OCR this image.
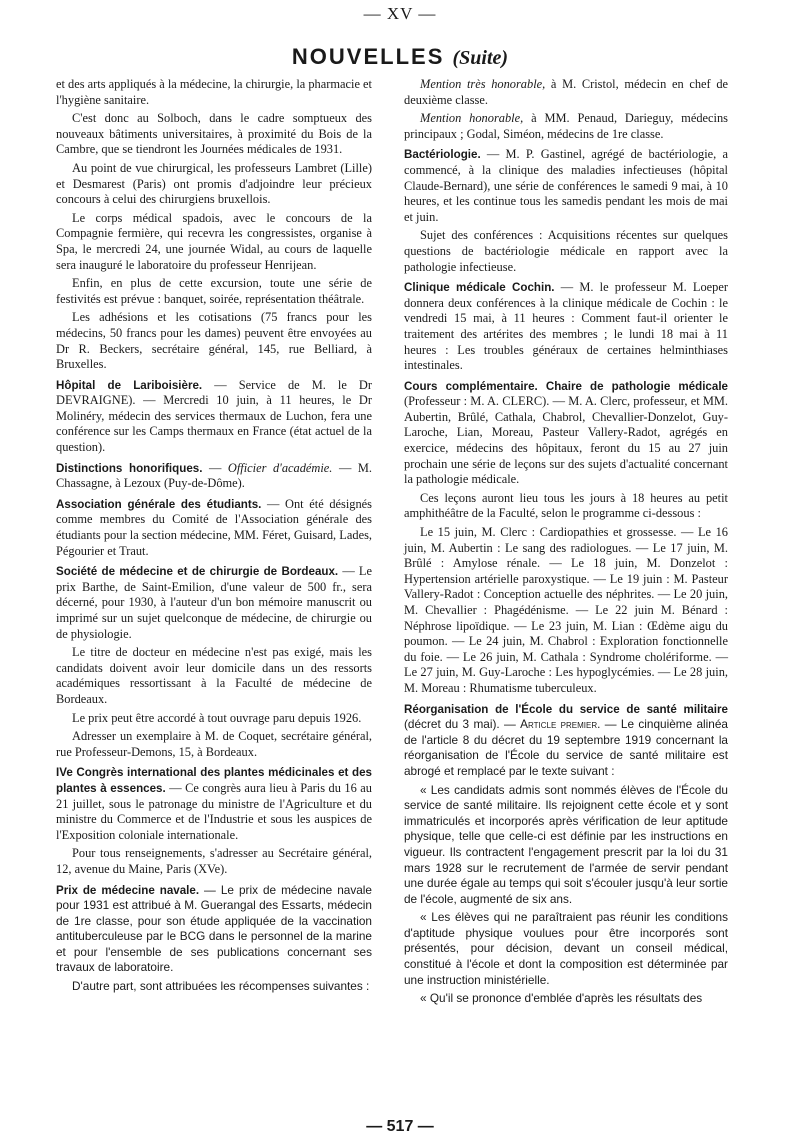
— XV —
NOUVELLES (Suite)

et des arts appliqués à la médecine, la chirurgie, la pharmacie et l'hygiène sanitaire.

C'est donc au Solboch, dans le cadre somptueux des nouveaux bâtiments universitaires, à proximité du Bois de la Cambre, que se tiendront les Journées médicales de 1931.

Au point de vue chirurgical, les professeurs Lambret (Lille) et Desmarest (Paris) ont promis d'adjoindre leur précieux concours à celui des chirurgiens bruxellois.

Le corps médical spadois, avec le concours de la Compagnie fermière, qui recevra les congressistes, organise à Spa, le mercredi 24, une journée Widal, au cours de laquelle sera inauguré le laboratoire du professeur Henrijean.

Enfin, en plus de cette excursion, toute une série de festivités est prévue : banquet, soirée, représentation théâtrale.

Les adhésions et les cotisations (75 francs pour les médecins, 50 francs pour les dames) peuvent être envoyées au Dr R. Beckers, secrétaire général, 145, rue Belliard, à Bruxelles.

Hôpital de Lariboisière. — Service de M. le Dr DEVRAIGNE). — Mercredi 10 juin, à 11 heures, le Dr Molinéry, médecin des services thermaux de Luchon, fera une conférence sur les Camps thermaux en France (état actuel de la question).

Distinctions honorifiques. — Officier d'académie. — M. Chassagne, à Lezoux (Puy-de-Dôme).

Association générale des étudiants. — Ont été désignés comme membres du Comité de l'Association générale des étudiants pour la section médecine, MM. Féret, Guisard, Lades, Pégourier et Traut.

Société de médecine et de chirurgie de Bordeaux. — Le prix Barthe, de Saint-Emilion, d'une valeur de 500 fr., sera décerné, pour 1930, à l'auteur d'un bon mémoire manuscrit ou imprimé sur un sujet quelconque de médecine, de chirurgie ou de physiologie.

Le titre de docteur en médecine n'est pas exigé, mais les candidats doivent avoir leur domicile dans un des ressorts académiques ressortissant à la Faculté de médecine de Bordeaux.

Le prix peut être accordé à tout ouvrage paru depuis 1926.

Adresser un exemplaire à M. de Coquet, secrétaire général, rue Professeur-Demons, 15, à Bordeaux.

IVe Congrès international des plantes médicinales et des plantes à essences. — Ce congrès aura lieu à Paris du 16 au 21 juillet, sous le patronage du ministre de l'Agriculture et du ministre du Commerce et de l'Industrie et sous les auspices de l'Exposition coloniale internationale.

Pour tous renseignements, s'adresser au Secrétaire général, 12, avenue du Maine, Paris (XVe).

Prix de médecine navale. — Le prix de médecine navale pour 1931 est attribué à M. Guerangal des Essarts, médecin de 1re classe, pour son étude appliquée de la vaccination antituberculeuse par le BCG dans le personnel de la marine et pour l'ensemble de ses publications concernant ses travaux de laboratoire.

D'autre part, sont attribuées les récompenses suivantes :

Mention très honorable, à M. Cristol, médecin en chef de deuxième classe.

Mention honorable, à MM. Penaud, Darieguy, médecins principaux ; Godal, Siméon, médecins de 1re classe.

Bactériologie. — M. P. Gastinel, agrégé de bactériologie, a commencé, à la clinique des maladies infectieuses (hôpital Claude-Bernard), une série de conférences le samedi 9 mai, à 10 heures, et les continue tous les samedis pendant les mois de mai et juin.

Sujet des conférences : Acquisitions récentes sur quelques questions de bactériologie médicale en rapport avec la pathologie infectieuse.

Clinique médicale Cochin. — M. le professeur M. Loeper donnera deux conférences à la clinique médicale de Cochin : le vendredi 15 mai, à 11 heures : Comment faut-il orienter le traitement des artérites des membres ; le lundi 18 mai à 11 heures : Les troubles généraux de certaines helminthiases intestinales.

Cours complémentaire. Chaire de pathologie médicale (Professeur : M. A. CLERC). — M. A. Clerc, professeur, et MM. Aubertin, Brûlé, Cathala, Chabrol, Chevallier-Donzelot, Guy-Laroche, Lian, Moreau, Pasteur Vallery-Radot, agrégés en exercice, médecins des hôpitaux, feront du 15 au 27 juin prochain une série de leçons sur des sujets d'actualité concernant la pathologie médicale.

Ces leçons auront lieu tous les jours à 18 heures au petit amphithéâtre de la Faculté, selon le programme ci-dessous :

Le 15 juin, M. Clerc : Cardiopathies et grossesse. — Le 16 juin, M. Aubertin : Le sang des radiologues. — Le 17 juin, M. Brûlé : Amylose rénale. — Le 18 juin, M. Donzelot : Hypertension artérielle paroxystique. — Le 19 juin : M. Pasteur Vallery-Radot : Conception actuelle des néphrites. — Le 20 juin, M. Chevallier : Phagédénisme. — Le 22 juin M. Bénard : Néphrose lipoïdique. — Le 23 juin, M. Lian : Œdème aigu du poumon. — Le 24 juin, M. Chabrol : Exploration fonctionnelle du foie. — Le 26 juin, M. Cathala : Syndrome cholériforme. — Le 27 juin, M. Guy-Laroche : Les hypoglycémies. — Le 28 juin, M. Moreau : Rhumatisme tuberculeux.

Réorganisation de l'École du service de santé militaire (décret du 3 mai). — Article premier. — Le cinquième alinéa de l'article 8 du décret du 19 septembre 1919 concernant la réorganisation de l'École du service de santé militaire est abrogé et remplacé par le texte suivant :

« Les candidats admis sont nommés élèves de l'École du service de santé militaire. Ils rejoignent cette école et y sont immatriculés et incorporés après vérification de leur aptitude physique, telle que celle-ci est définie par les instructions en vigueur. Ils contractent l'engagement prescrit par la loi du 31 mars 1928 sur le recrutement de l'armée de servir pendant une durée égale au temps qui soit s'écouler jusqu'à leur sortie de l'école, augmenté de six ans.

« Les élèves qui ne paraîtraient pas réunir les conditions d'aptitude physique voulues pour être incorporés sont présentés, pour décision, devant un conseil médical, constitué à l'école et dont la composition est déterminée par une instruction ministérielle.

« Qu'il se prononce d'emblée d'après les résultats des

— 517 —
